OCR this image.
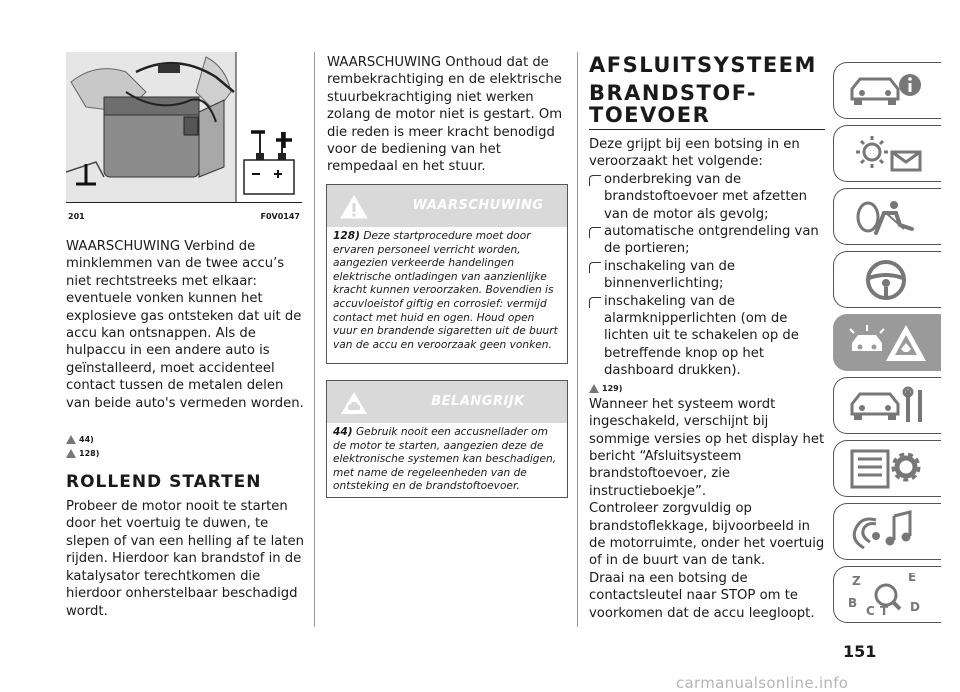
201	F0V0147

WAARSCHUWING Verbind de minklemmen van de twee accu’s niet rechtstreeks met elkaar: eventuele vonken kunnen het explosieve gas ontsteken dat uit de accu kan ontsnappen. Als de hulpaccu in een andere auto is geïnstalleerd, moet accidenteel contact tussen de metalen delen van beide auto's vermeden worden.

44)
128)
ROLLEND STARTEN

Probeer de motor nooit te starten door het voertuig te duwen, te slepen of van een helling af te laten rijden. Hierdoor kan brandstof in de katalysator terechtkomen die hierdoor onherstelbaar beschadigd wordt.

WAARSCHUWING Onthoud dat de rembekrachtiging en de elektrische stuurbekrachtiging niet werken zolang de motor niet is gestart. Om die reden is meer kracht benodigd voor de bediening van het rempedaal en het stuur.

WAARSCHUWING
128) Deze startprocedure moet door ervaren personeel verricht worden, aangezien verkeerde handelingen elektrische ontladingen van aanzienlijke kracht kunnen veroorzaken. Bovendien is accuvloeistof giftig en corrosief: vermijd contact met huid en ogen. Houd open vuur en brandende sigaretten uit de buurt van de accu en veroorzaak geen vonken.
BELANGRIJK
44) Gebruik nooit een accusnellader om de motor te starten, aangezien deze de elektronische systemen kan beschadigen, met name de regeleenheden van de ontsteking en de brandstoftoevoer.
AFSLUITSYSTEEM
BRANDSTOF-
TOEVOER

Deze grijpt bij een botsing in en veroorzaakt het volgende:

onderbreking van de brandstoftoevoer met afzetten van de motor als gevolg;
automatische ontgrendeling van de portieren;
inschakeling van de binnenverlichting;
inschakeling van de alarmknipperlichten (om de lichten uit te schakelen op de betreffende knop op het dashboard drukken).
129)

Wanneer het systeem wordt ingeschakeld, verschijnt bij sommige versies op het display het bericht “Afsluitsysteem brandstoftoevoer, zie instructieboekje”.

Controleer zorgvuldig op brandstoflekkage, bijvoorbeeld in de motorruimte, onder het voertuig of in de buurt van de tank.

Draai na een botsing de contactsleutel naar STOP om te voorkomen dat de accu leegloopt.

Z	E
B
C T D
151
carmanualsonline.info
